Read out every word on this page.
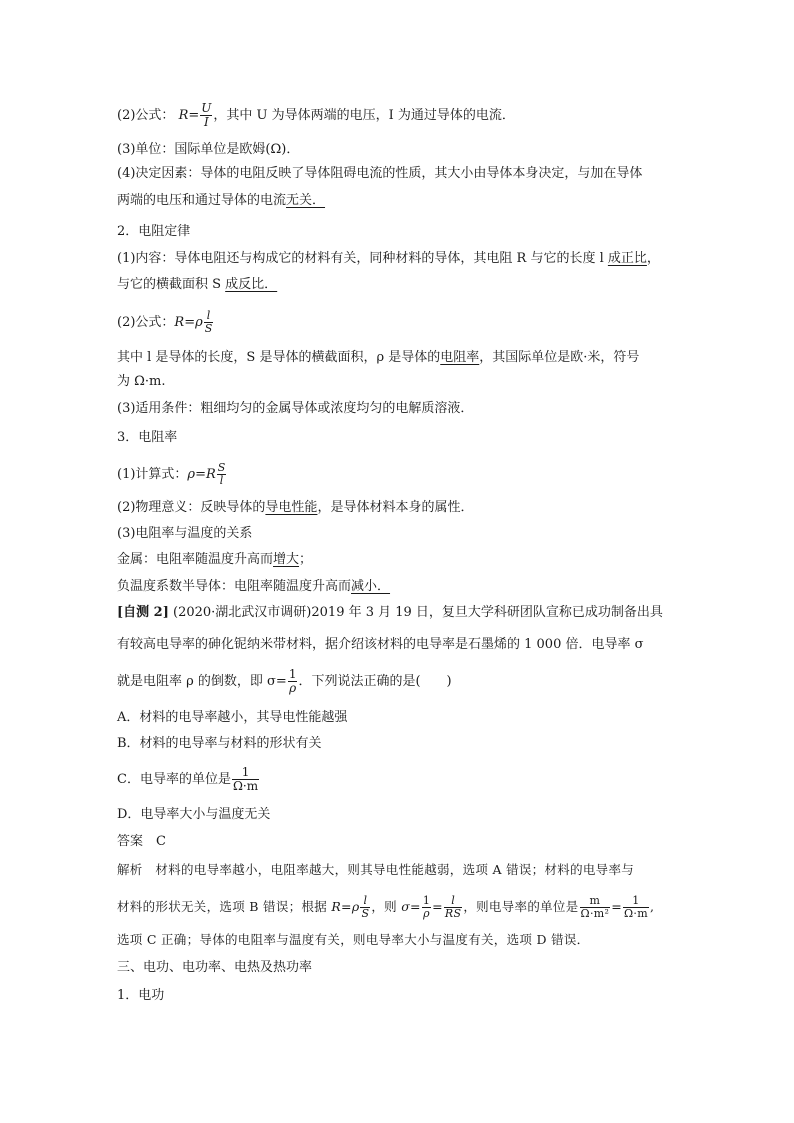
(2)公式： $R= \frac{U}{I}$ ，其中 U 为导体两端的电压，I 为通过导体的电流．
(3)单位：国际单位是欧姆(Ω)．
(4)决定因素：导体的电阻反映了导体阻碍电流的性质，其大小由导体本身决定，与加在导体
两端的电压和通过导体的电流无关．
2．电阻定律
(1)内容：导体电阻还与构成它的材料有关，同种材料的导体，其电阻 R 与它的长度 l 成正比，
与它的横截面积 S 成反比．
(2)公式：$R=\rho \frac{l}{S}$
其中 l 是导体的长度，S 是导体的横截面积，ρ 是导体的电阻率，其国际单位是欧·米，符号
为 Ω·m.
(3)适用条件：粗细均匀的金属导体或浓度均匀的电解质溶液．
3．电阻率
(1)计算式：$\rho=R \frac{S}{l}$
(2)物理意义：反映导体的导电性能，是导体材料本身的属性．
(3)电阻率与温度的关系
金属：电阻率随温度升高而增大；
负温度系数半导体：电阻率随温度升高而减小．
[自测 2] (2020·湖北武汉市调研)2019 年 3 月 19 日，复旦大学科研团队宣称已成功制备出具
有较高电导率的砷化铌纳米带材料，据介绍该材料的电导率是石墨烯的 1 000 倍．电导率 σ
就是电阻率 ρ 的倒数，即 $\sigma= \frac{1}{\rho}$ ．下列说法正确的是(　　)
A．材料的电导率越小，其导电性能越强
B．材料的电导率与材料的形状有关
C．电导率的单位是 $\frac{1}{\Omega\cdot m}$
D．电导率大小与温度无关
答案　C
解析　材料的电导率越小，电阻率越大，则其导电性能越弱，选项 A 错误；材料的电导率与
材料的形状无关，选项 B 错误；根据 $R=\rho \frac{l}{S}$ ，则 $\sigma= \frac{1}{\rho} = \frac{l}{RS}$ ，则电导率的单位是 $\frac{m}{\text{Ω·m²}} = \frac{1}{\Omega\cdot m}$ ,
选项 C 正确；导体的电阻率与温度有关，则电导率大小与温度有关，选项 D 错误．
三、电功、电功率、电热及热功率
1．电功
